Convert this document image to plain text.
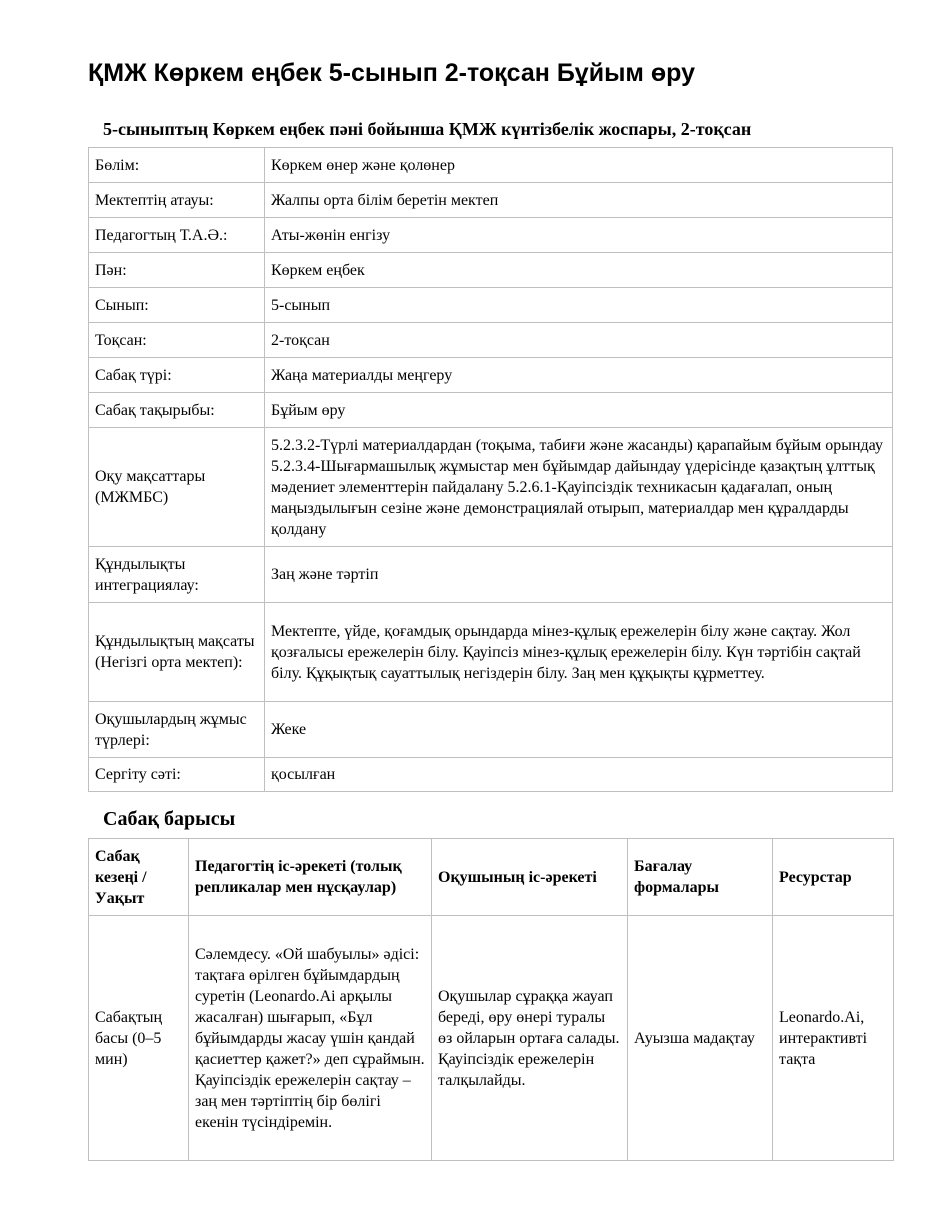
ҚМЖ Көркем еңбек 5-сынып 2-тоқсан Бұйым өру
5-сыныптың Көркем еңбек пәні бойынша ҚМЖ күнтізбелік жоспары, 2-тоқсан
Бөлім:	Көркем өнер және қолөнер
Мектептің атауы:	Жалпы орта білім беретін мектеп
Педагогтың Т.А.Ә.:	Аты-жөнін енгізу
Пән:	Көркем еңбек
Сынып:	5-сынып
Тоқсан:	2-тоқсан
Сабақ түрі:	Жаңа материалды меңгеру
Сабақ тақырыбы:	Бұйым өру
Оқу мақсаттары (МЖМБС)	5.2.3.2-Түрлі материалдардан (тоқыма, табиғи және жасанды) қарапайым бұйым орындау 5.2.3.4-Шығармашылық жұмыстар мен бұйымдар дайындау үдерісінде қазақтың ұлттық мәдениет элементтерін пайдалану 5.2.6.1-Қауіпсіздік техникасын қадағалап, оның маңыздылығын сезіне және демонстрациялай отырып, материалдар мен құралдарды қолдану
Құндылықты интеграциялау:	Заң және тәртіп
Құндылықтың мақсаты (Негізгі орта мектеп):	Мектепте, үйде, қоғамдық орындарда мінез-құлық ережелерін білу және сақтау. Жол қозғалысы ережелерін білу. Қауіпсіз мінез-құлық ережелерін білу. Күн тәртібін сақтай білу. Құқықтық сауаттылық негіздерін білу. Заң мен құқықты құрметтеу.
Оқушылардың жұмыс түрлері:	Жеке
Сергіту сәті:	қосылған
Сабақ барысы
Сабақ кезеңі / Уақыт	Педагогтің іс-әрекеті (толық репликалар мен нұсқаулар)	Оқушының іс-әрекеті	Бағалау формалары	Ресурстар
Сабақтың басы (0–5 мин)	Сәлемдесу. «Ой шабуылы» әдісі: тақтаға өрілген бұйымдардың суретін (Leonardo.Ai арқылы жасалған) шығарып, «Бұл бұйымдарды жасау үшін қандай қасиеттер қажет?» деп сұраймын. Қауіпсіздік ережелерін сақтау – заң мен тәртіптің бір бөлігі екенін түсіндіремін.	Оқушылар сұраққа жауап береді, өру өнері туралы өз ойларын ортаға салады. Қауіпсіздік ережелерін талқылайды.	Ауызша мадақтау	Leonardo.Ai, интерактивті тақта
